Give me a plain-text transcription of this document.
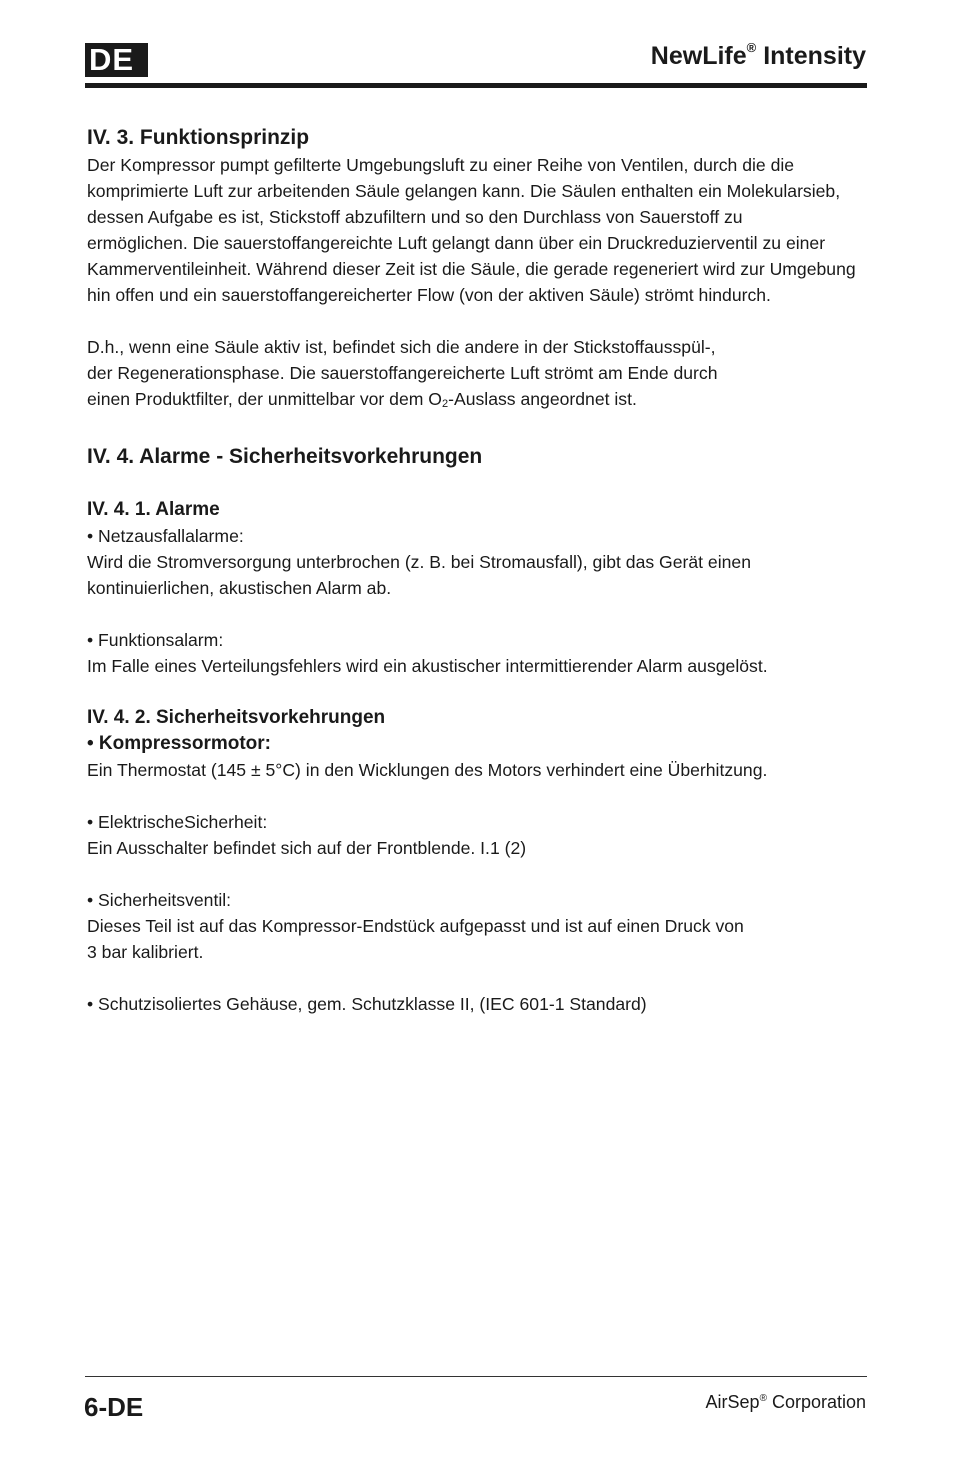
DE	NewLife® Intensity
IV. 3. Funktionsprinzip

Der Kompressor pumpt gefilterte Umgebungsluft zu einer Reihe von Ventilen, durch die die
komprimierte Luft zur arbeitenden Säule gelangen kann. Die Säulen enthalten ein Molekularsieb,
dessen Aufgabe es ist, Stickstoff abzufiltern und so den Durchlass von Sauerstoff zu
ermöglichen. Die sauerstoffangereichte Luft gelangt dann über ein Druckreduzierventil zu einer
Kammerventileinheit. Während dieser Zeit ist die Säule, die gerade regeneriert wird zur Umgebung
hin offen und ein sauerstoffangereicherter Flow (von der aktiven Säule) strömt hindurch.

D.h., wenn eine Säule aktiv ist, befindet sich die andere in der Stickstoffausspül-,
der Regenerationsphase. Die sauerstoffangereicherte Luft strömt am Ende durch
einen Produktfilter, der unmittelbar vor dem O2-Auslass angeordnet ist.

IV. 4. Alarme - Sicherheitsvorkehrungen
IV. 4. 1. Alarme

• Netzausfallalarme:

Wird die Stromversorgung unterbrochen (z. B. bei Stromausfall), gibt das Gerät einen
kontinuierlichen, akustischen Alarm ab.

• Funktionsalarm:

Im Falle eines Verteilungsfehlers wird ein akustischer intermittierender Alarm ausgelöst.

IV. 4. 2. Sicherheitsvorkehrungen
• Kompressormotor:

Ein Thermostat (145 ± 5°C) in den Wicklungen des Motors verhindert eine Überhitzung.

• ElektrischeSicherheit:

Ein Ausschalter befindet sich auf der Frontblende. I.1 (2)

• Sicherheitsventil:

Dieses Teil ist auf das Kompressor-Endstück aufgepasst und ist auf einen Druck von
3 bar kalibriert.

• Schutzisoliertes Gehäuse, gem. Schutzklasse II, (IEC 601-1 Standard)

6-DE	AirSep® Corporation
